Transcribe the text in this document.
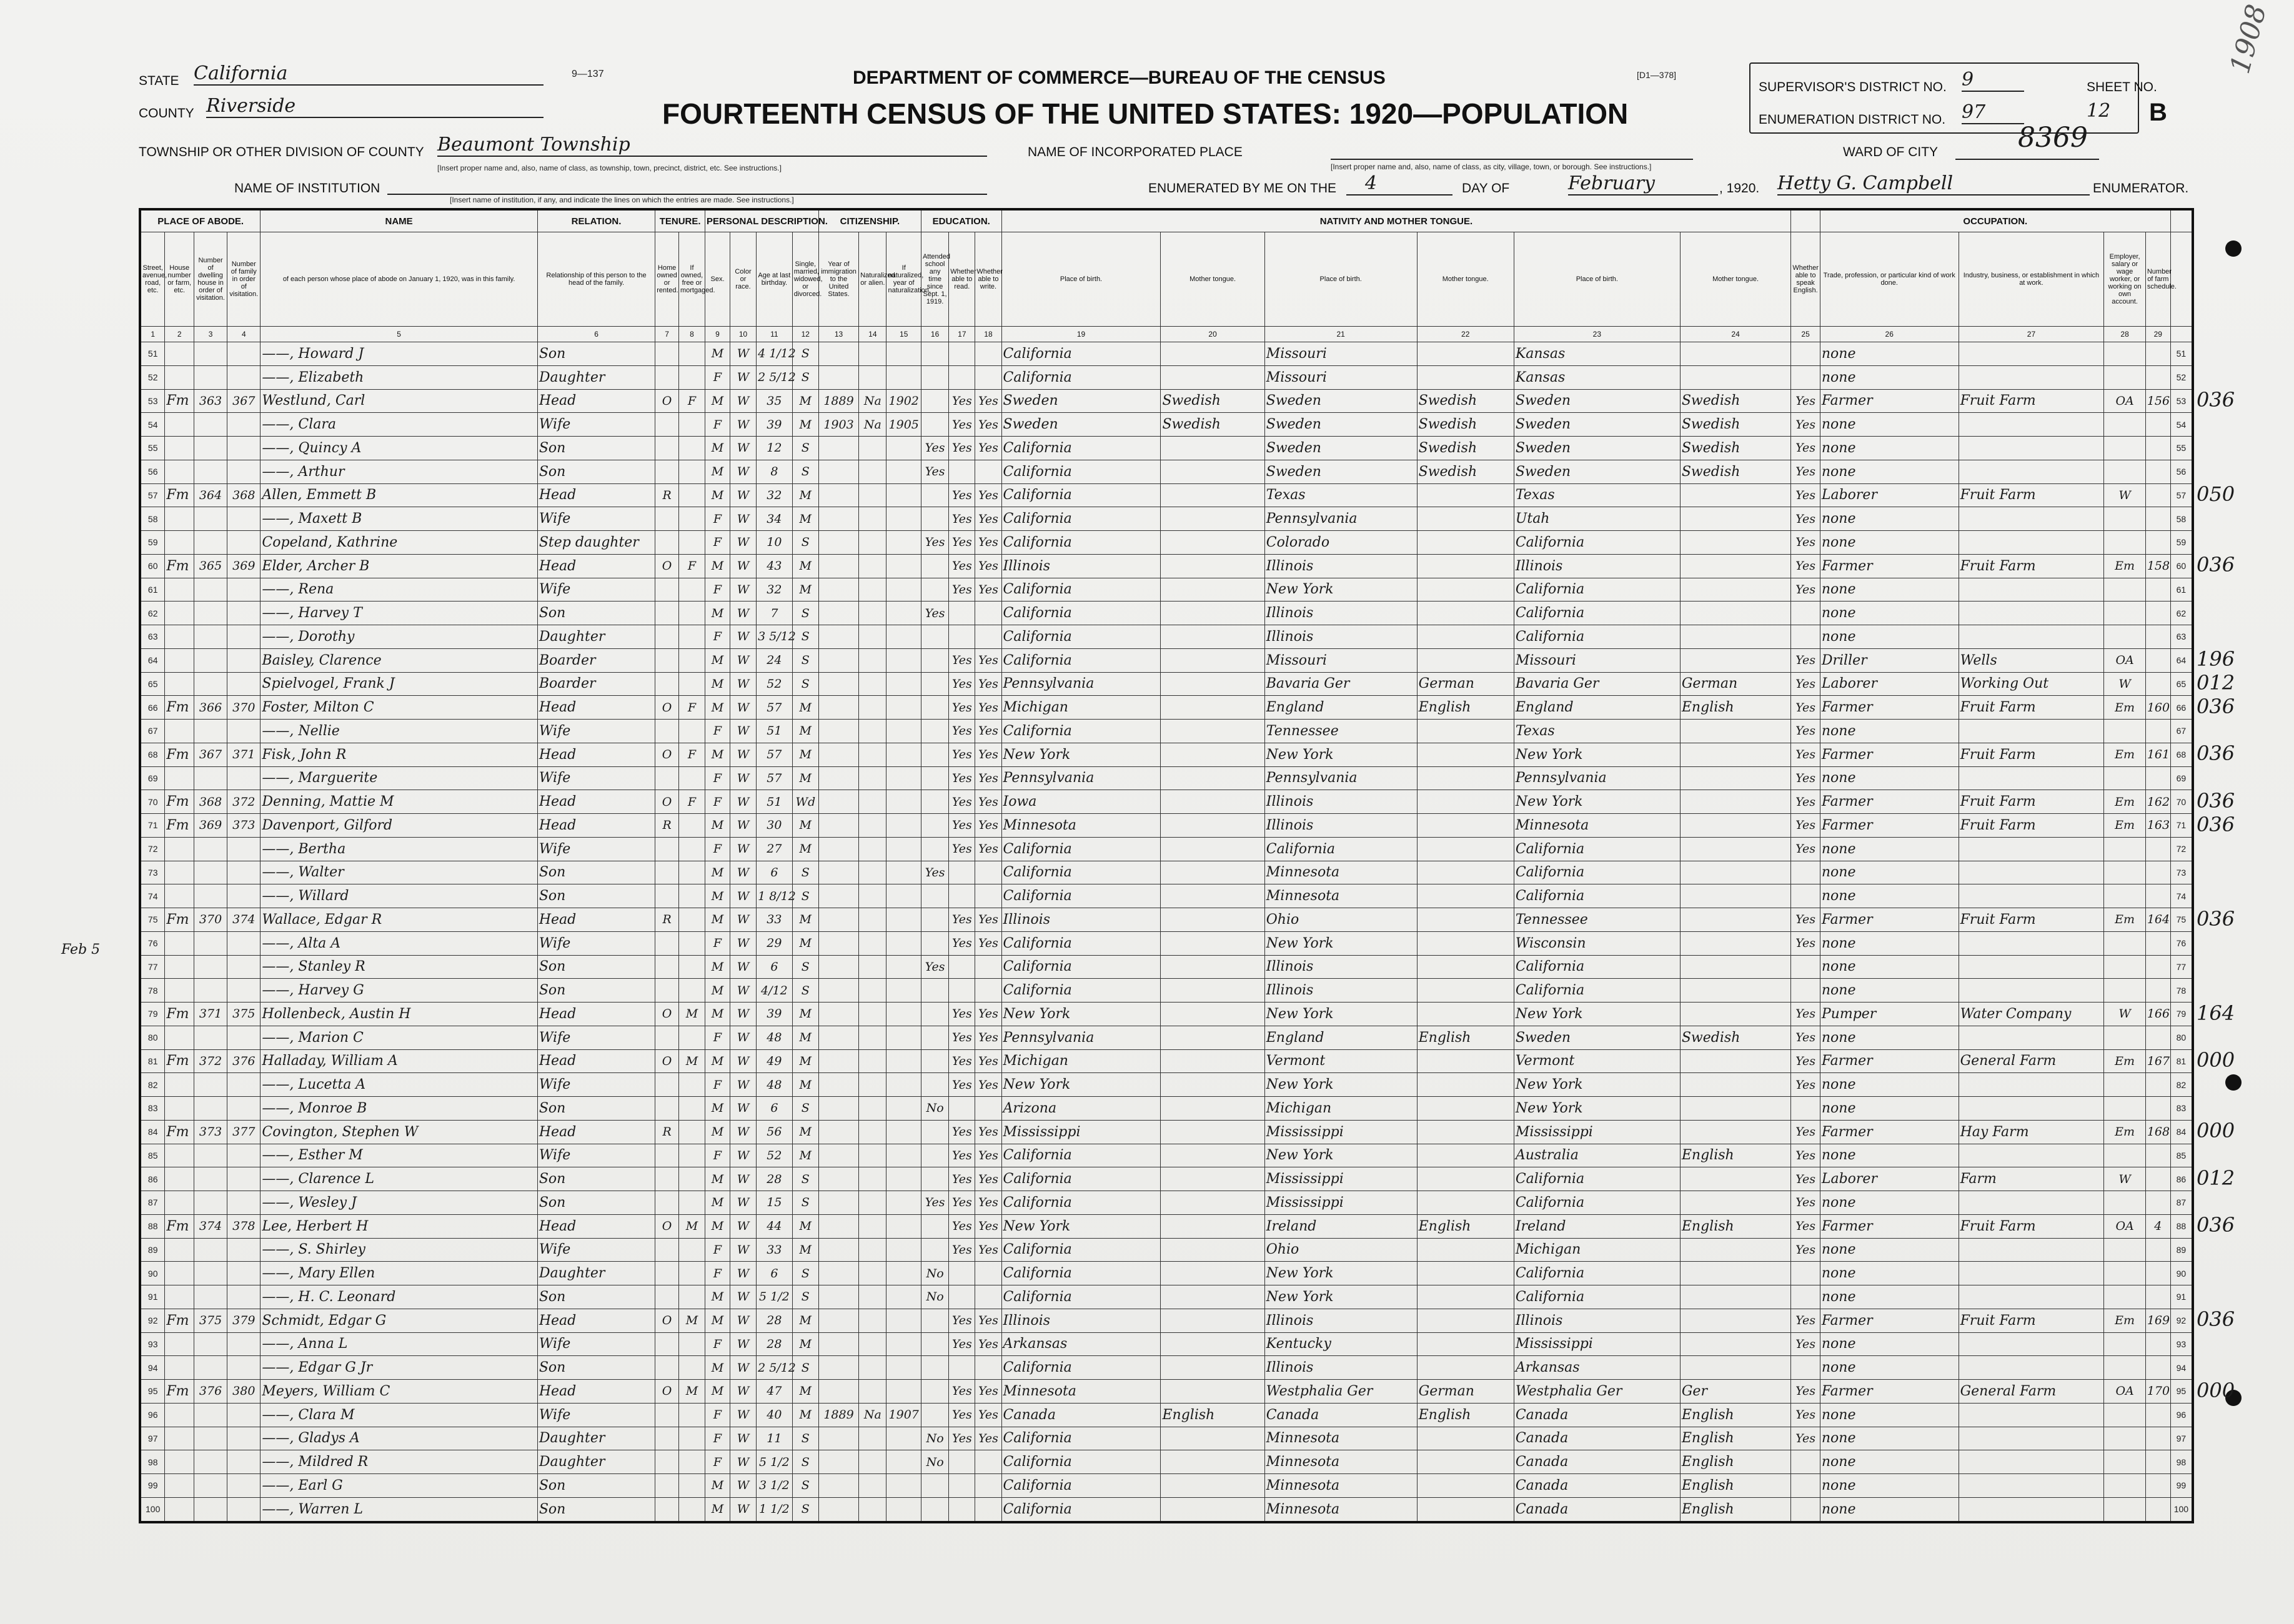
STATE California
COUNTY Riverside
TOWNSHIP OR OTHER DIVISION OF COUNTY Beaumont Township
[Insert proper name and, also, name of class, as township, town, precinct, district, etc. See instructions.]
NAME OF INSTITUTION
[Insert name of institution, if any, and indicate the lines on which the entries are made. See instructions.]
9—137	DEPARTMENT OF COMMERCE—BUREAU OF THE CENSUS	[D1—378]
FOURTEENTH CENSUS OF THE UNITED STATES: 1920—POPULATION
NAME OF INCORPORATED PLACE
[Insert proper name and, also, name of class, as city, village, town, or borough. See instructions.]
ENUMERATED BY ME ON THE	4	DAY OF	February	, 1920. Hetty G. Campbell	ENUMERATOR.
SUPERVISOR'S DISTRICT NO. 9
ENUMERATION DISTRICT NO. 97
SHEET NO.
12 B
WARD OF CITY	8369
1908
Feb 5
PLACE OF ABODE.				NAME	RELATION.	TENURE.		PERSONAL DESCRIPTION.				CITIZENSHIP.			EDUCATION.			NATIVITY AND MOTHER TONGUE.							OCCUPATION.				
Street, avenue, road, etc.	House number or farm, etc.	Number of dwelling house in order of visitation.	Number of family in order of visitation.	of each person whose place of abode on January 1, 1920, was in this family.	Relationship of this person to the head of the family.	Home owned or rented.	If owned, free or mortgaged.	Sex.	Color or race.	Age at last birthday.	Single, married, widowed, or divorced.	Year of immigration to the United States.	Naturalized or alien.	If naturalized, year of naturalization.	Attended school any time since Sept. 1, 1919.	Whether able to read.	Whether able to write.	Place of birth.	Mother tongue.	Place of birth.	Mother tongue.	Place of birth.	Mother tongue.	Whether able to speak English.	Trade, profession, or particular kind of work done.	Industry, business, or establishment in which at work.	Employer, salary or wage worker, or working on own account.	Number of farm schedule.	
1	2	3	4	5	6	7	8	9	10	11	12	13	14	15	16	17	18	19	20	21	22	23	24	25	26	27	28	29	
51				——, Howard J	Son			M	W	4 1/12	S							California		Missouri		Kansas			none				51
52				——, Elizabeth	Daughter			F	W	2 5/12	S							California		Missouri		Kansas			none				52
53	Fm	363	367	Westlund, Carl	Head	O	F	M	W	35	M	1889	Na	1902		Yes	Yes	Sweden	Swedish	Sweden	Swedish	Sweden	Swedish	Yes	Farmer	Fruit Farm	OA	156	53
54				——, Clara	Wife			F	W	39	M	1903	Na	1905		Yes	Yes	Sweden	Swedish	Sweden	Swedish	Sweden	Swedish	Yes	none				54
55				——, Quincy A	Son			M	W	12	S				Yes	Yes	Yes	California		Sweden	Swedish	Sweden	Swedish	Yes	none				55
56				——, Arthur	Son			M	W	8	S				Yes			California		Sweden	Swedish	Sweden	Swedish	Yes	none				56
57	Fm	364	368	Allen, Emmett B	Head	R		M	W	32	M					Yes	Yes	California		Texas		Texas		Yes	Laborer	Fruit Farm	W		57
58				——, Maxett B	Wife			F	W	34	M					Yes	Yes	California		Pennsylvania		Utah		Yes	none				58
59				Copeland, Kathrine	Step daughter			F	W	10	S				Yes	Yes	Yes	California		Colorado		California		Yes	none				59
60	Fm	365	369	Elder, Archer B	Head	O	F	M	W	43	M					Yes	Yes	Illinois		Illinois		Illinois		Yes	Farmer	Fruit Farm	Em	158	60
61				——, Rena	Wife			F	W	32	M					Yes	Yes	California		New York		California		Yes	none				61
62				——, Harvey T	Son			M	W	7	S				Yes			California		Illinois		California			none				62
63				——, Dorothy	Daughter			F	W	3 5/12	S							California		Illinois		California			none				63
64				Baisley, Clarence	Boarder			M	W	24	S					Yes	Yes	California		Missouri		Missouri		Yes	Driller	Wells	OA		64
65				Spielvogel, Frank J	Boarder			M	W	52	S					Yes	Yes	Pennsylvania		Bavaria Ger	German	Bavaria Ger	German	Yes	Laborer	Working Out	W		65
66	Fm	366	370	Foster, Milton C	Head	O	F	M	W	57	M					Yes	Yes	Michigan		England	English	England	English	Yes	Farmer	Fruit Farm	Em	160	66
67				——, Nellie	Wife			F	W	51	M					Yes	Yes	California		Tennessee		Texas		Yes	none				67
68	Fm	367	371	Fisk, John R	Head	O	F	M	W	57	M					Yes	Yes	New York		New York		New York		Yes	Farmer	Fruit Farm	Em	161	68
69				——, Marguerite	Wife			F	W	57	M					Yes	Yes	Pennsylvania		Pennsylvania		Pennsylvania		Yes	none				69
70	Fm	368	372	Denning, Mattie M	Head	O	F	F	W	51	Wd					Yes	Yes	Iowa		Illinois		New York		Yes	Farmer	Fruit Farm	Em	162	70
71	Fm	369	373	Davenport, Gilford	Head	R		M	W	30	M					Yes	Yes	Minnesota		Illinois		Minnesota		Yes	Farmer	Fruit Farm	Em	163	71
72				——, Bertha	Wife			F	W	27	M					Yes	Yes	California		California		California		Yes	none				72
73				——, Walter	Son			M	W	6	S				Yes			California		Minnesota		California			none				73
74				——, Willard	Son			M	W	1 8/12	S							California		Minnesota		California			none				74
75	Fm	370	374	Wallace, Edgar R	Head	R		M	W	33	M					Yes	Yes	Illinois		Ohio		Tennessee		Yes	Farmer	Fruit Farm	Em	164	75
76				——, Alta A	Wife			F	W	29	M					Yes	Yes	California		New York		Wisconsin		Yes	none				76
77				——, Stanley R	Son			M	W	6	S				Yes			California		Illinois		California			none				77
78				——, Harvey G	Son			M	W	4/12	S							California		Illinois		California			none				78
79	Fm	371	375	Hollenbeck, Austin H	Head	O	M	M	W	39	M					Yes	Yes	New York		New York		New York		Yes	Pumper	Water Company	W	166	79
80				——, Marion C	Wife			F	W	48	M					Yes	Yes	Pennsylvania		England	English	Sweden	Swedish	Yes	none				80
81	Fm	372	376	Halladay, William A	Head	O	M	M	W	49	M					Yes	Yes	Michigan		Vermont		Vermont		Yes	Farmer	General Farm	Em	167	81
82				——, Lucetta A	Wife			F	W	48	M					Yes	Yes	New York		New York		New York		Yes	none				82
83				——, Monroe B	Son			M	W	6	S				No			Arizona		Michigan		New York			none				83
84	Fm	373	377	Covington, Stephen W	Head	R		M	W	56	M					Yes	Yes	Mississippi		Mississippi		Mississippi		Yes	Farmer	Hay Farm	Em	168	84
85				——, Esther M	Wife			F	W	52	M					Yes	Yes	California		New York		Australia	English	Yes	none				85
86				——, Clarence L	Son			M	W	28	S					Yes	Yes	California		Mississippi		California		Yes	Laborer	Farm	W		86
87				——, Wesley J	Son			M	W	15	S				Yes	Yes	Yes	California		Mississippi		California		Yes	none				87
88	Fm	374	378	Lee, Herbert H	Head	O	M	M	W	44	M					Yes	Yes	New York		Ireland	English	Ireland	English	Yes	Farmer	Fruit Farm	OA	4	88
89				——, S. Shirley	Wife			F	W	33	M					Yes	Yes	California		Ohio		Michigan		Yes	none				89
90				——, Mary Ellen	Daughter			F	W	6	S				No			California		New York		California			none				90
91				——, H. C. Leonard	Son			M	W	5 1/2	S				No			California		New York		California			none				91
92	Fm	375	379	Schmidt, Edgar G	Head	O	M	M	W	28	M					Yes	Yes	Illinois		Illinois		Illinois		Yes	Farmer	Fruit Farm	Em	169	92
93				——, Anna L	Wife			F	W	28	M					Yes	Yes	Arkansas		Kentucky		Mississippi		Yes	none				93
94				——, Edgar G Jr	Son			M	W	2 5/12	S							California		Illinois		Arkansas			none				94
95	Fm	376	380	Meyers, William C	Head	O	M	M	W	47	M					Yes	Yes	Minnesota		Westphalia Ger	German	Westphalia Ger	Ger	Yes	Farmer	General Farm	OA	170	95
96				——, Clara M	Wife			F	W	40	M	1889	Na	1907		Yes	Yes	Canada	English	Canada	English	Canada	English	Yes	none				96
97				——, Gladys A	Daughter			F	W	11	S				No	Yes	Yes	California		Minnesota		Canada	English	Yes	none				97
98				——, Mildred R	Daughter			F	W	5 1/2	S				No			California		Minnesota		Canada	English		none				98
99				——, Earl G	Son			M	W	3 1/2	S							California		Minnesota		Canada	English		none				99
100				——, Warren L	Son			M	W	1 1/2	S							California		Minnesota		Canada	English		none				100
036
050
036
196
012
036
036
036
036
036
164
000
000
012
036
036
000
